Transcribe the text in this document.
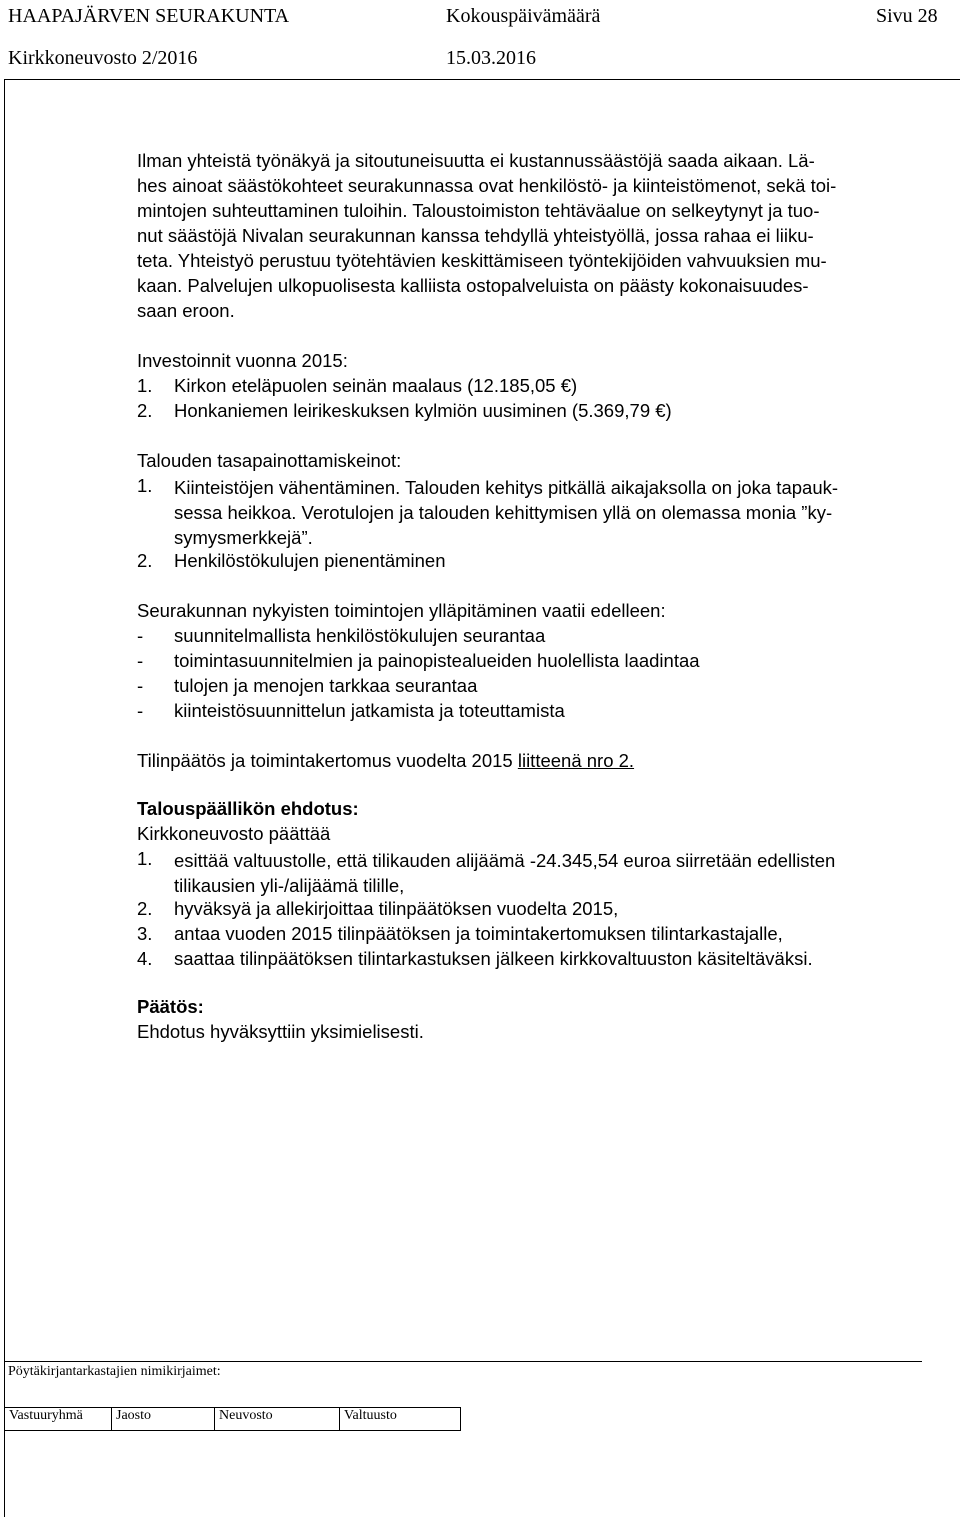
HAAPAJÄRVEN SEURAKUNTA	Kokouspäivämäärä	Sivu 28
Kirkkoneuvosto 2/2016	15.03.2016
Ilman yhteistä työnäkyä ja sitoutuneisuutta ei kustannussäästöjä saada aikaan. Lä-
hes ainoat säästökohteet seurakunnassa ovat henkilöstö- ja kiinteistömenot, sekä toi-
mintojen suhteuttaminen tuloihin. Taloustoimiston tehtäväalue on selkeytynyt ja tuo-
nut säästöjä Nivalan seurakunnan kanssa tehdyllä yhteistyöllä, jossa rahaa ei liiku-
teta. Yhteistyö perustuu työtehtävien keskittämiseen työntekijöiden vahvuuksien mu-
kaan. Palvelujen ulkopuolisesta kalliista ostopalveluista on päästy kokonaisuudes-
saan eroon.
Investoinnit vuonna 2015:
1. Kirkon eteläpuolen seinän maalaus (12.185,05 €)
2. Honkaniemen leirikeskuksen kylmiön uusiminen (5.369,79 €)
Talouden tasapainottamiskeinot:
1. Kiinteistöjen vähentäminen. Talouden kehitys pitkällä aikajaksolla on joka tapauk-
sessa heikkoa. Verotulojen ja talouden kehittymisen yllä on olemassa monia ”ky-
symysmerkkejä”.
2. Henkilöstökulujen pienentäminen
Seurakunnan nykyisten toimintojen ylläpitäminen vaatii edelleen:
- suunnitelmallista henkilöstökulujen seurantaa
- toimintasuunnitelmien ja painopistealueiden huolellista laadintaa
- tulojen ja menojen tarkkaa seurantaa
- kiinteistösuunnittelun jatkamista ja toteuttamista
Tilinpäätös ja toimintakertomus vuodelta 2015 liitteenä nro 2.
Talouspäällikön ehdotus:
Kirkkoneuvosto päättää
1. esittää valtuustolle, että tilikauden alijäämä -24.345,54 euroa siirretään edellisten
tilikausien yli-/alijäämä tilille,
2. hyväksyä ja allekirjoittaa tilinpäätöksen vuodelta 2015,
3. antaa vuoden 2015 tilinpäätöksen ja toimintakertomuksen tilintarkastajalle,
4. saattaa tilinpäätöksen tilintarkastuksen jälkeen kirkkovaltuuston käsiteltäväksi.
Päätös:
Ehdotus hyväksyttiin yksimielisesti.
Pöytäkirjantarkastajien nimikirjaimet:
Vastuuryhmä	Jaosto	Neuvosto	Valtuusto
